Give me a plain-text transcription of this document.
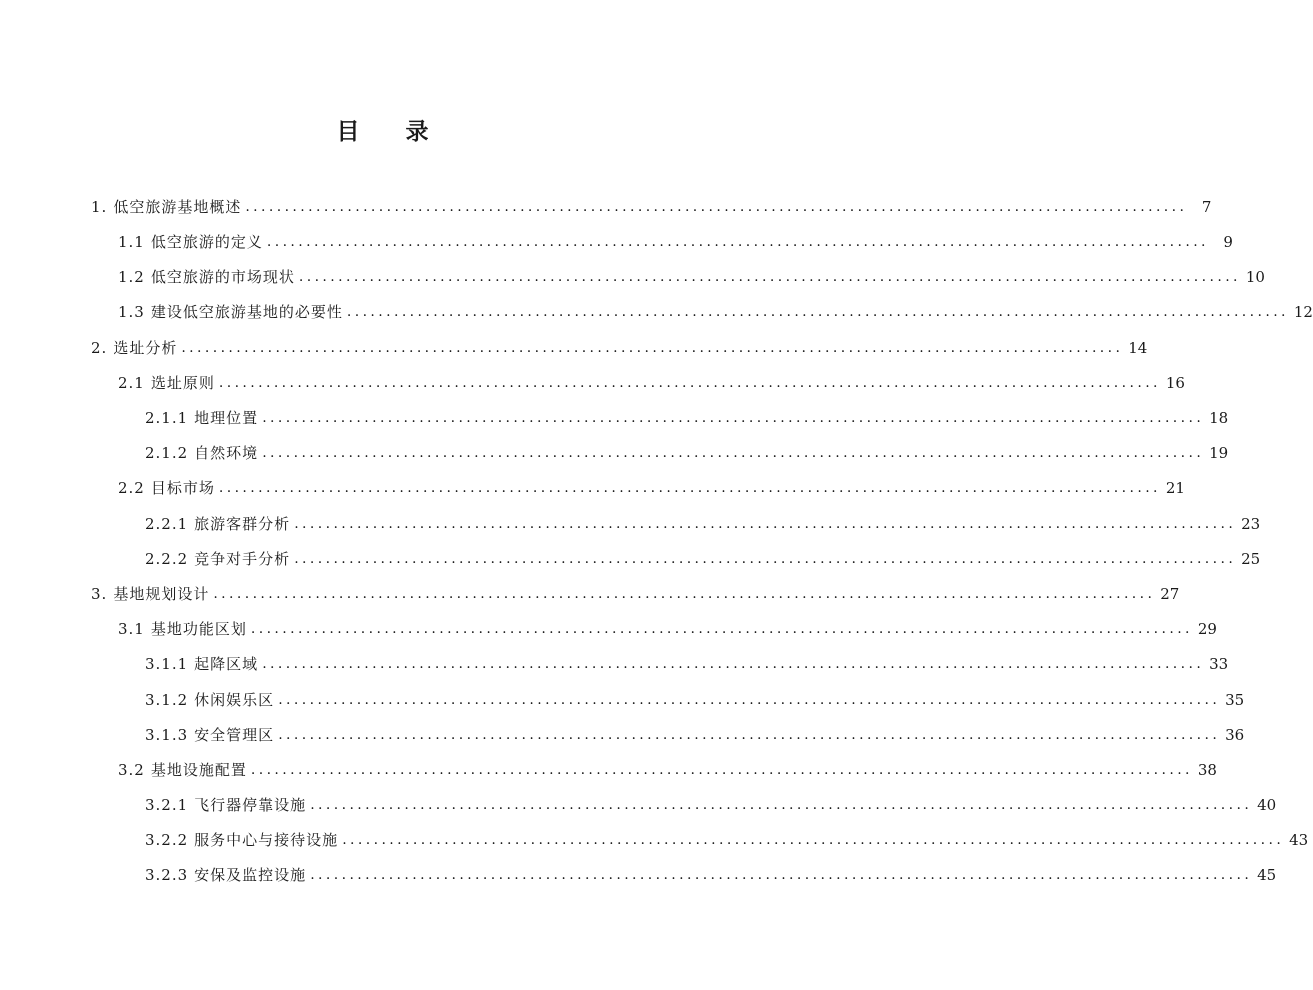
目 录
1. 低空旅游基地概述 ........................................................................................................................ 7
1.1 低空旅游的定义 ........................................................................................................................ 9
1.2 低空旅游的市场现状 ........................................................................................................................ 10
1.3 建设低空旅游基地的必要性 ........................................................................................................................ 12
2. 选址分析 ........................................................................................................................ 14
2.1 选址原则 ........................................................................................................................ 16
2.1.1 地理位置 ........................................................................................................................ 18
2.1.2 自然环境 ........................................................................................................................ 19
2.2 目标市场 ........................................................................................................................ 21
2.2.1 旅游客群分析 ........................................................................................................................ 23
2.2.2 竞争对手分析 ........................................................................................................................ 25
3. 基地规划设计 ........................................................................................................................ 27
3.1 基地功能区划 ........................................................................................................................ 29
3.1.1 起降区域 ........................................................................................................................ 33
3.1.2 休闲娱乐区 ........................................................................................................................ 35
3.1.3 安全管理区 ........................................................................................................................ 36
3.2 基地设施配置 ........................................................................................................................ 38
3.2.1 飞行器停靠设施 ........................................................................................................................ 40
3.2.2 服务中心与接待设施 ........................................................................................................................ 43
3.2.3 安保及监控设施 ........................................................................................................................ 45
